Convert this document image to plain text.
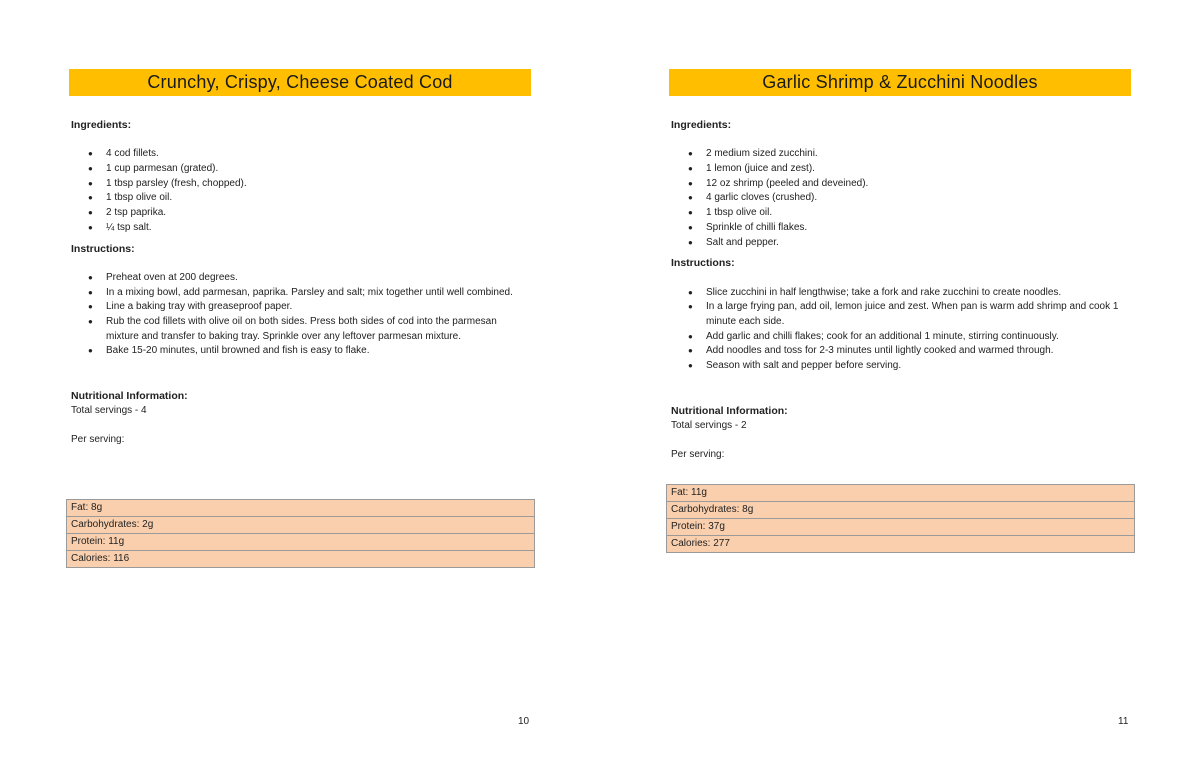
Crunchy, Crispy, Cheese Coated Cod

Ingredients:

● 4 cod fillets.
● 1 cup parmesan (grated).
● 1 tbsp parsley (fresh, chopped).
● 1 tbsp olive oil.
● 2 tsp paprika.
● ¼ tsp salt.

Instructions:

● Preheat oven at 200 degrees.
● In a mixing bowl, add parmesan, paprika. Parsley and salt; mix together until well combined.
● Line a baking tray with greaseproof paper.
● Rub the cod fillets with olive oil on both sides. Press both sides of cod into the parmesan mixture and transfer to baking tray. Sprinkle over any leftover parmesan mixture.
● Bake 15-20 minutes, until browned and fish is easy to flake.

Nutritional Information:

Total servings - 4

Per serving:

Fat: 8g
Carbohydrates: 2g
Protein: 11g
Calories: 116
10
Garlic Shrimp & Zucchini Noodles

Ingredients:

● 2 medium sized zucchini.
● 1 lemon (juice and zest).
● 12 oz shrimp (peeled and deveined).
● 4 garlic cloves (crushed).
● 1 tbsp olive oil.
● Sprinkle of chilli flakes.
● Salt and pepper.

Instructions:

● Slice zucchini in half lengthwise; take a fork and rake zucchini to create noodles.
● In a large frying pan, add oil, lemon juice and zest. When pan is warm add shrimp and cook 1 minute each side.
● Add garlic and chilli flakes; cook for an additional 1 minute, stirring continuously.
● Add noodles and toss for 2-3 minutes until lightly cooked and warmed through.
● Season with salt and pepper before serving.

Nutritional Information:

Total servings - 2

Per serving:

Fat: 11g
Carbohydrates: 8g
Protein: 37g
Calories: 277
11
